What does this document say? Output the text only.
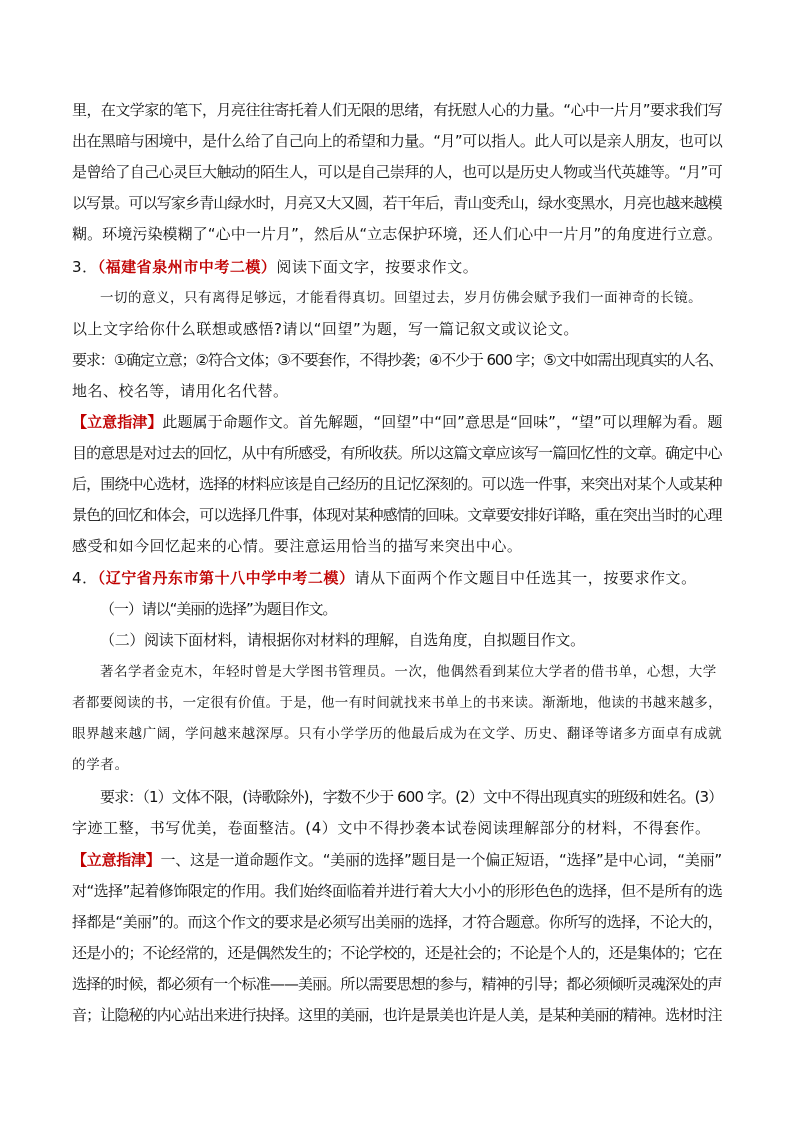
里，在文学家的笔下，月亮往往寄托着人们无限的思绪，有抚慰人心的力量。“心中一片月”要求我们写
出在黑暗与困境中，是什么给了自己向上的希望和力量。“月”可以指人。此人可以是亲人朋友，也可以
是曾给了自己心灵巨大触动的陌生人，可以是自己崇拜的人，也可以是历史人物或当代英雄等。“月”可
以写景。可以写家乡青山绿水时，月亮又大又圆，若干年后，青山变秃山，绿水变黑水，月亮也越来越模
糊。环境污染模糊了“心中一片月”，然后从“立志保护环境，还人们心中一片月”的角度进行立意。
3．（福建省泉州市中考二模）阅读下面文字，按要求作文。
一切的意义，只有离得足够远，才能看得真切。回望过去，岁月仿佛会赋予我们一面神奇的长镜。
以上文字给你什么联想或感悟?请以“回望”为题，写一篇记叙文或议论文。
要求：①确定立意；②符合文体；③不要套作，不得抄袭；④不少于 600 字；⑤文中如需出现真实的人名、
地名、校名等，请用化名代替。
【立意指津】此题属于命题作文。首先解题，“回望”中“回”意思是“回味”，“望”可以理解为看。题
目的意思是对过去的回忆，从中有所感受，有所收获。所以这篇文章应该写一篇回忆性的文章。确定中心
后，围绕中心选材，选择的材料应该是自己经历的且记忆深刻的。可以选一件事，来突出对某个人或某种
景色的回忆和体会，可以选择几件事，体现对某种感情的回味。文章要安排好详略，重在突出当时的心理
感受和如今回忆起来的心情。要注意运用恰当的描写来突出中心。
4．（辽宁省丹东市第十八中学中考二模）请从下面两个作文题目中任选其一，按要求作文。
（一）请以“美丽的选择”为题目作文。
（二）阅读下面材料，请根据你对材料的理解，自选角度，自拟题目作文。
著名学者金克木，年轻时曾是大学图书管理员。一次，他偶然看到某位大学者的借书单，心想，大学
者都要阅读的书，一定很有价值。于是，他一有时间就找来书单上的书来读。渐渐地，他读的书越来越多，
眼界越来越广阔，学问越来越深厚。只有小学学历的他最后成为在文学、历史、翻译等诸多方面卓有成就
的学者。
要求：（1）文体不限，(诗歌除外)，字数不少于 600 字。(2）文中不得出现真实的班级和姓名。(3）
字迹工整，书写优美，卷面整洁。(4）文中不得抄袭本试卷阅读理解部分的材料，不得套作。
【立意指津】一、这是一道命题作文。“美丽的选择”题目是一个偏正短语，“选择”是中心词，“美丽”
对“选择”起着修饰限定的作用。我们始终面临着并进行着大大小小的形形色色的选择，但不是所有的选
择都是“美丽”的。而这个作文的要求是必须写出美丽的选择，才符合题意。你所写的选择，不论大的，
还是小的；不论经常的，还是偶然发生的；不论学校的，还是社会的；不论是个人的，还是集体的；它在
选择的时候，都必须有一个标准——美丽。所以需要思想的参与，精神的引导；都必须倾听灵魂深处的声
音；让隐秘的内心站出来进行抉择。这里的美丽，也许是景美也许是人美，是某种美丽的精神。选材时注
